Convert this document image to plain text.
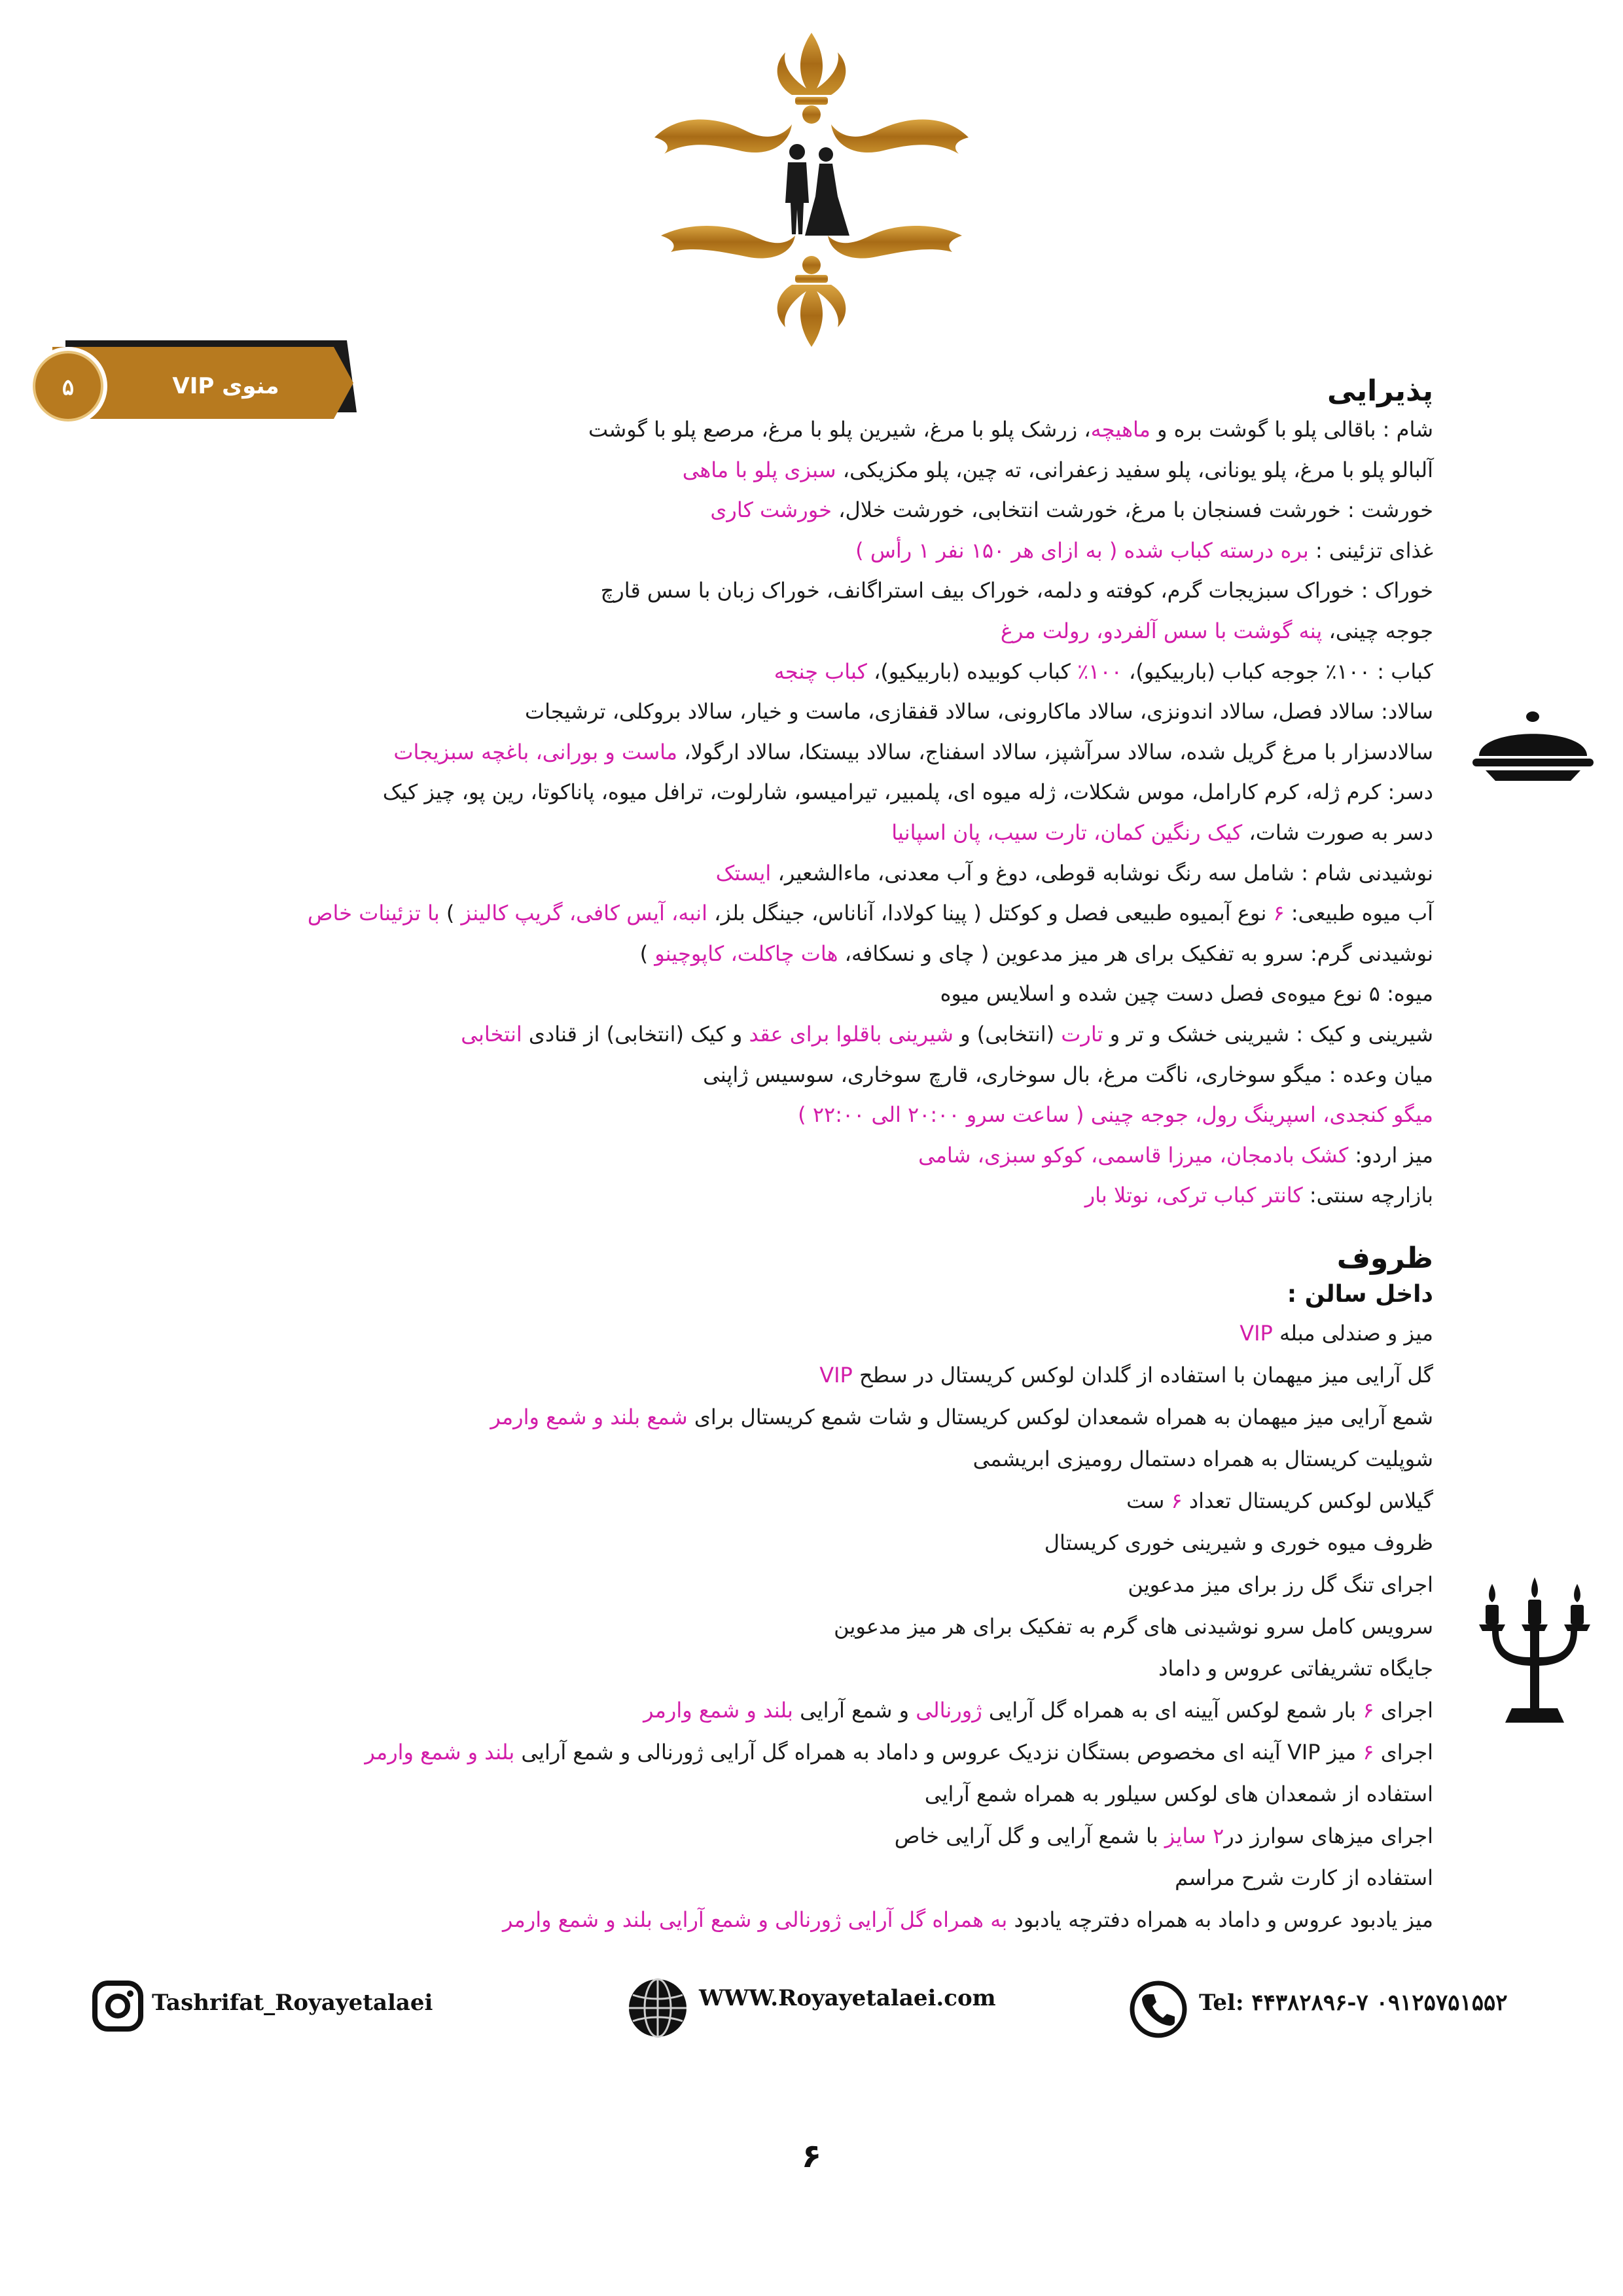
۵	منوی VIP	پذیرایی
شام : باقالی پلو با گوشت بره و ماهیچه، زرشک پلو با مرغ، شیرین پلو با مرغ، مرصع پلو با گوشت
آلبالو پلو با مرغ، پلو یونانی، پلو سفید زعفرانی، ته چین، پلو مکزیکی، سبزی پلو با ماهی
خورشت : خورشت فسنجان با مرغ، خورشت انتخابی، خورشت خلال، خورشت کاری
غذای تزئینی : بره درسته کباب شده ( به ازای هر ۱۵۰ نفر ۱ رأس )
خوراک : خوراک سبزیجات گرم، کوفته و دلمه، خوراک بیف استراگانف، خوراک زبان با سس قارچ
جوجه چینی، پنه گوشت با سس آلفردو، رولت مرغ
کباب : ۱۰۰٪ جوجه کباب (باربیکیو)، ۱۰۰٪ کباب کوبیده (باربیکیو)، کباب چنجه
سالاد: سالاد فصل، سالاد اندونزی، سالاد ماکارونی، سالاد قفقازی، ماست و خیار، سالاد بروکلی، ترشیجات
سالادسزار با مرغ گریل شده، سالاد سرآشپز، سالاد اسفناج، سالاد بیستکا، سالاد ارگولا، ماست و بورانی، باغچه سبزیجات
دسر: کرم ژله، کرم کارامل، موس شکلات، ژله میوه ای، پلمبیر، تیرامیسو، شارلوت، ترافل میوه، پاناکوتا، رین پو، چیز کیک
دسر به صورت شات، کیک رنگین کمان، تارت سیب، پان اسپانیا
نوشیدنی شام : شامل سه رنگ نوشابه قوطی، دوغ و آب معدنی، ماءالشعیر، ایستک
آب میوه طبیعی: ۶ نوع آبمیوه طبیعی فصل و کوکتل ( پینا کولادا، آناناس، جینگل بلز، انبه، آیس کافی، گریپ کالینز ) با تزئینات خاص
نوشیدنی گرم: سرو به تفکیک برای هر میز مدعوین ( چای و نسکافه، هات چاکلت، کاپوچینو )
میوه: ۵ نوع میوه‌ی فصل دست چین شده و اسلایس میوه
شیرینی و کیک : شیرینی خشک و تر و تارت (انتخابی) و شیرینی باقلوا برای عقد و کیک (انتخابی) از قنادی انتخابی
میان وعده : میگو سوخاری، ناگت مرغ، بال سوخاری، قارچ سوخاری، سوسیس ژاپنی
میگو کنجدی، اسپرینگ رول، جوجه چینی ( ساعت سرو ۲۰:۰۰ الی ۲۲:۰۰ )
میز اردو: کشک بادمجان، میرزا قاسمی، کوکو سبزی، شامی
بازارچه سنتی: کانتر کباب ترکی، نوتلا بار
ظروف
داخل سالن :
میز و صندلی مبله VIP
گل آرایی میز میهمان با استفاده از گلدان لوکس کریستال در سطح VIP
شمع آرایی میز میهمان به همراه شمعدان لوکس کریستال و شات شمع کریستال برای شمع بلند و شمع وارمر
شوپلیت کریستال به همراه دستمال رومیزی ابریشمی
گیلاس لوکس کریستال تعداد ۶ ست
ظروف میوه خوری و شیرینی خوری کریستال
اجرای تنگ گل رز برای میز مدعوین
سرویس کامل سرو نوشیدنی های گرم به تفکیک برای هر میز مدعوین
جایگاه تشریفاتی عروس و داماد
اجرای ۶ بار شمع لوکس آیینه ای به همراه گل آرایی ژورنالی و شمع آرایی بلند و شمع وارمر
اجرای ۶ میز VIP آینه ای مخصوص بستگان نزدیک عروس و داماد به همراه گل آرایی ژورنالی و شمع آرایی بلند و شمع وارمر
استفاده از شمعدان های لوکس سیلور به همراه شمع آرایی
اجرای میزهای سوارز در۲ سایز با شمع آرایی و گل آرایی خاص
استفاده از کارت شرح مراسم
میز یادبود عروس و داماد به همراه دفترچه یادبود به همراه گل آرایی ژورنالی و شمع آرایی بلند و شمع وارمر
Tashrifat_Royayetalaei	WWW.Royayetalaei.com	Tel: ۴۴۳۸۲۸۹۶-۷ ۰۹۱۲۵۷۵۱۵۵۲
۶
